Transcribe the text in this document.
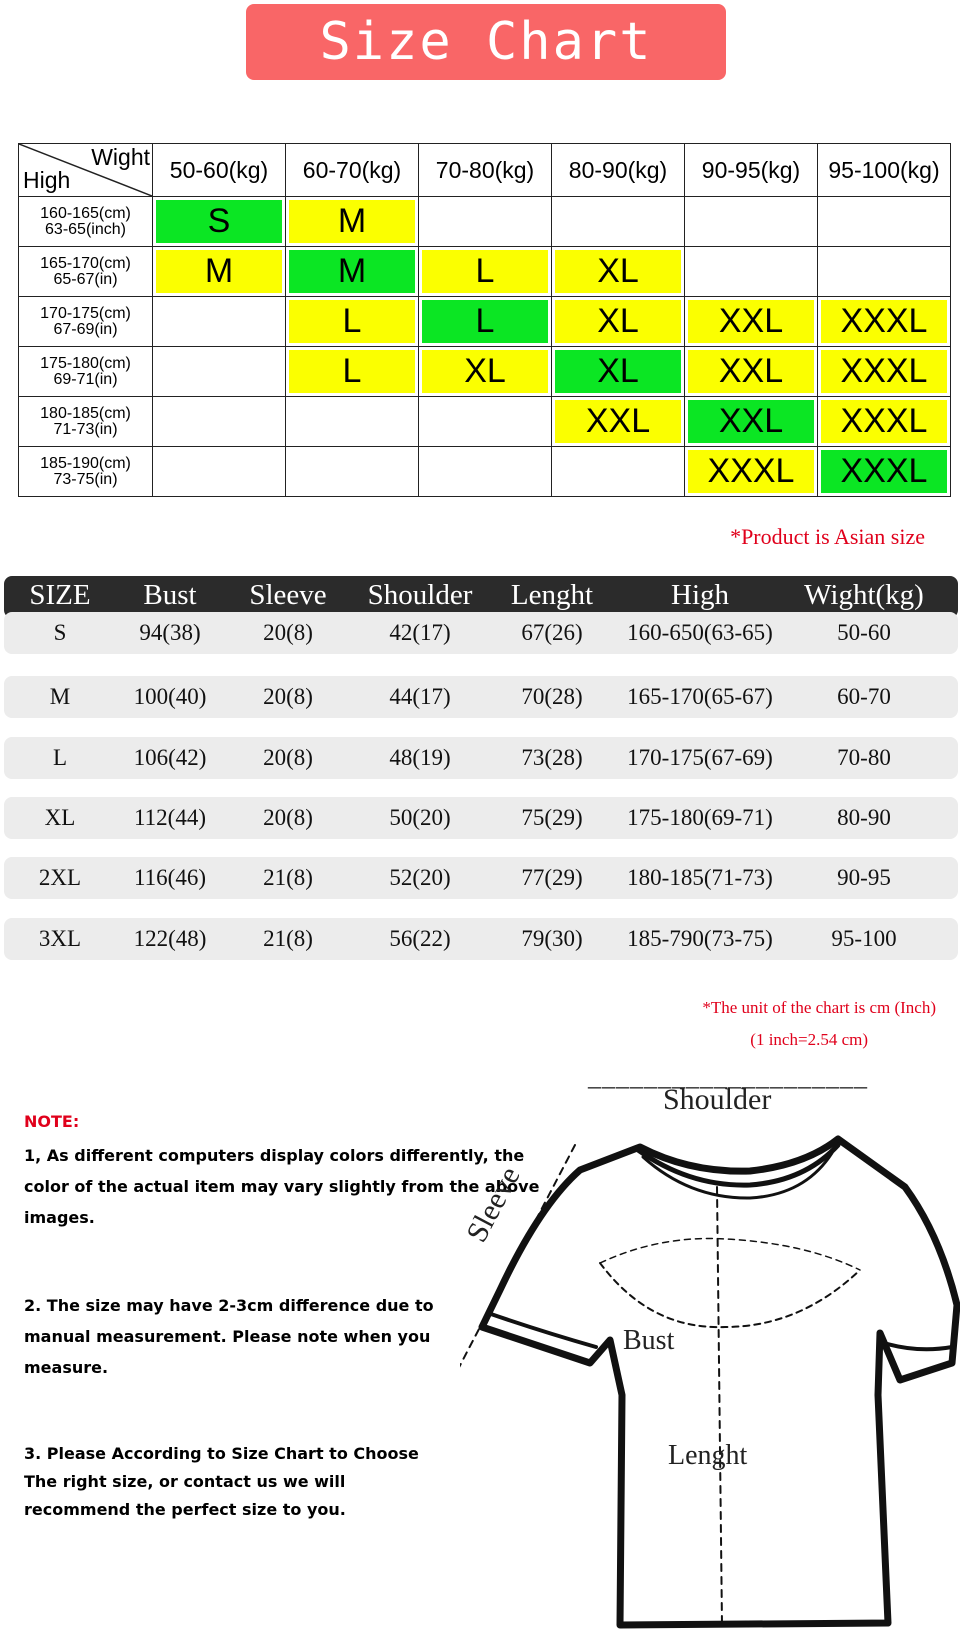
Size Chart
Wight
High	50-60(kg)	60-70(kg)	70-80(kg)	80-90(kg)	90-95(kg)	95-100(kg)

160-165(cm)
63-65(inch)	S	M				

165-170(cm)
65-67(in)	M	M	L	XL		

170-175(cm)
67-69(in)		L	L	XL	XXL	XXXL

175-180(cm)
69-71(in)		L	XL	XL	XXL	XXXL

180-185(cm)
71-73(in)				XXL	XXL	XXXL

185-190(cm)
73-75(in)					XXXL	XXXL
*Product is Asian size
SIZE Bust Sleeve Shoulder Lenght	High	Wight(kg)
S	94(38)	20(8)	42(17)	67(26) 160-650(63-65)	50-60
M	100(40) 20(8)	44(17)	70(28) 165-170(65-67)	60-70
L	106(42) 20(8)	48(19)	73(28) 170-175(67-69)	70-80
XL	112(44) 20(8)	50(20)	75(29) 175-180(69-71)	80-90
2XL 116(46) 21(8)	52(20)	77(29) 180-185(71-73)	90-95
3XL 122(48) 21(8)	56(22)	79(30) 185-790(73-75)	95-100
*The unit of the chart is cm (Inch)
(1 inch=2.54 cm)
NOTE:
1, As different computers display colors differently, the color of the actual item may vary slightly from the above images.
2. The size may have 2-3cm difference due to manual measurement. Please note when you measure.
3. Please According to Size Chart to Choose The right size, or contact us we will recommend the perfect size to you.
____________________
Shoulder
Sleeve
Bust
Lenght
